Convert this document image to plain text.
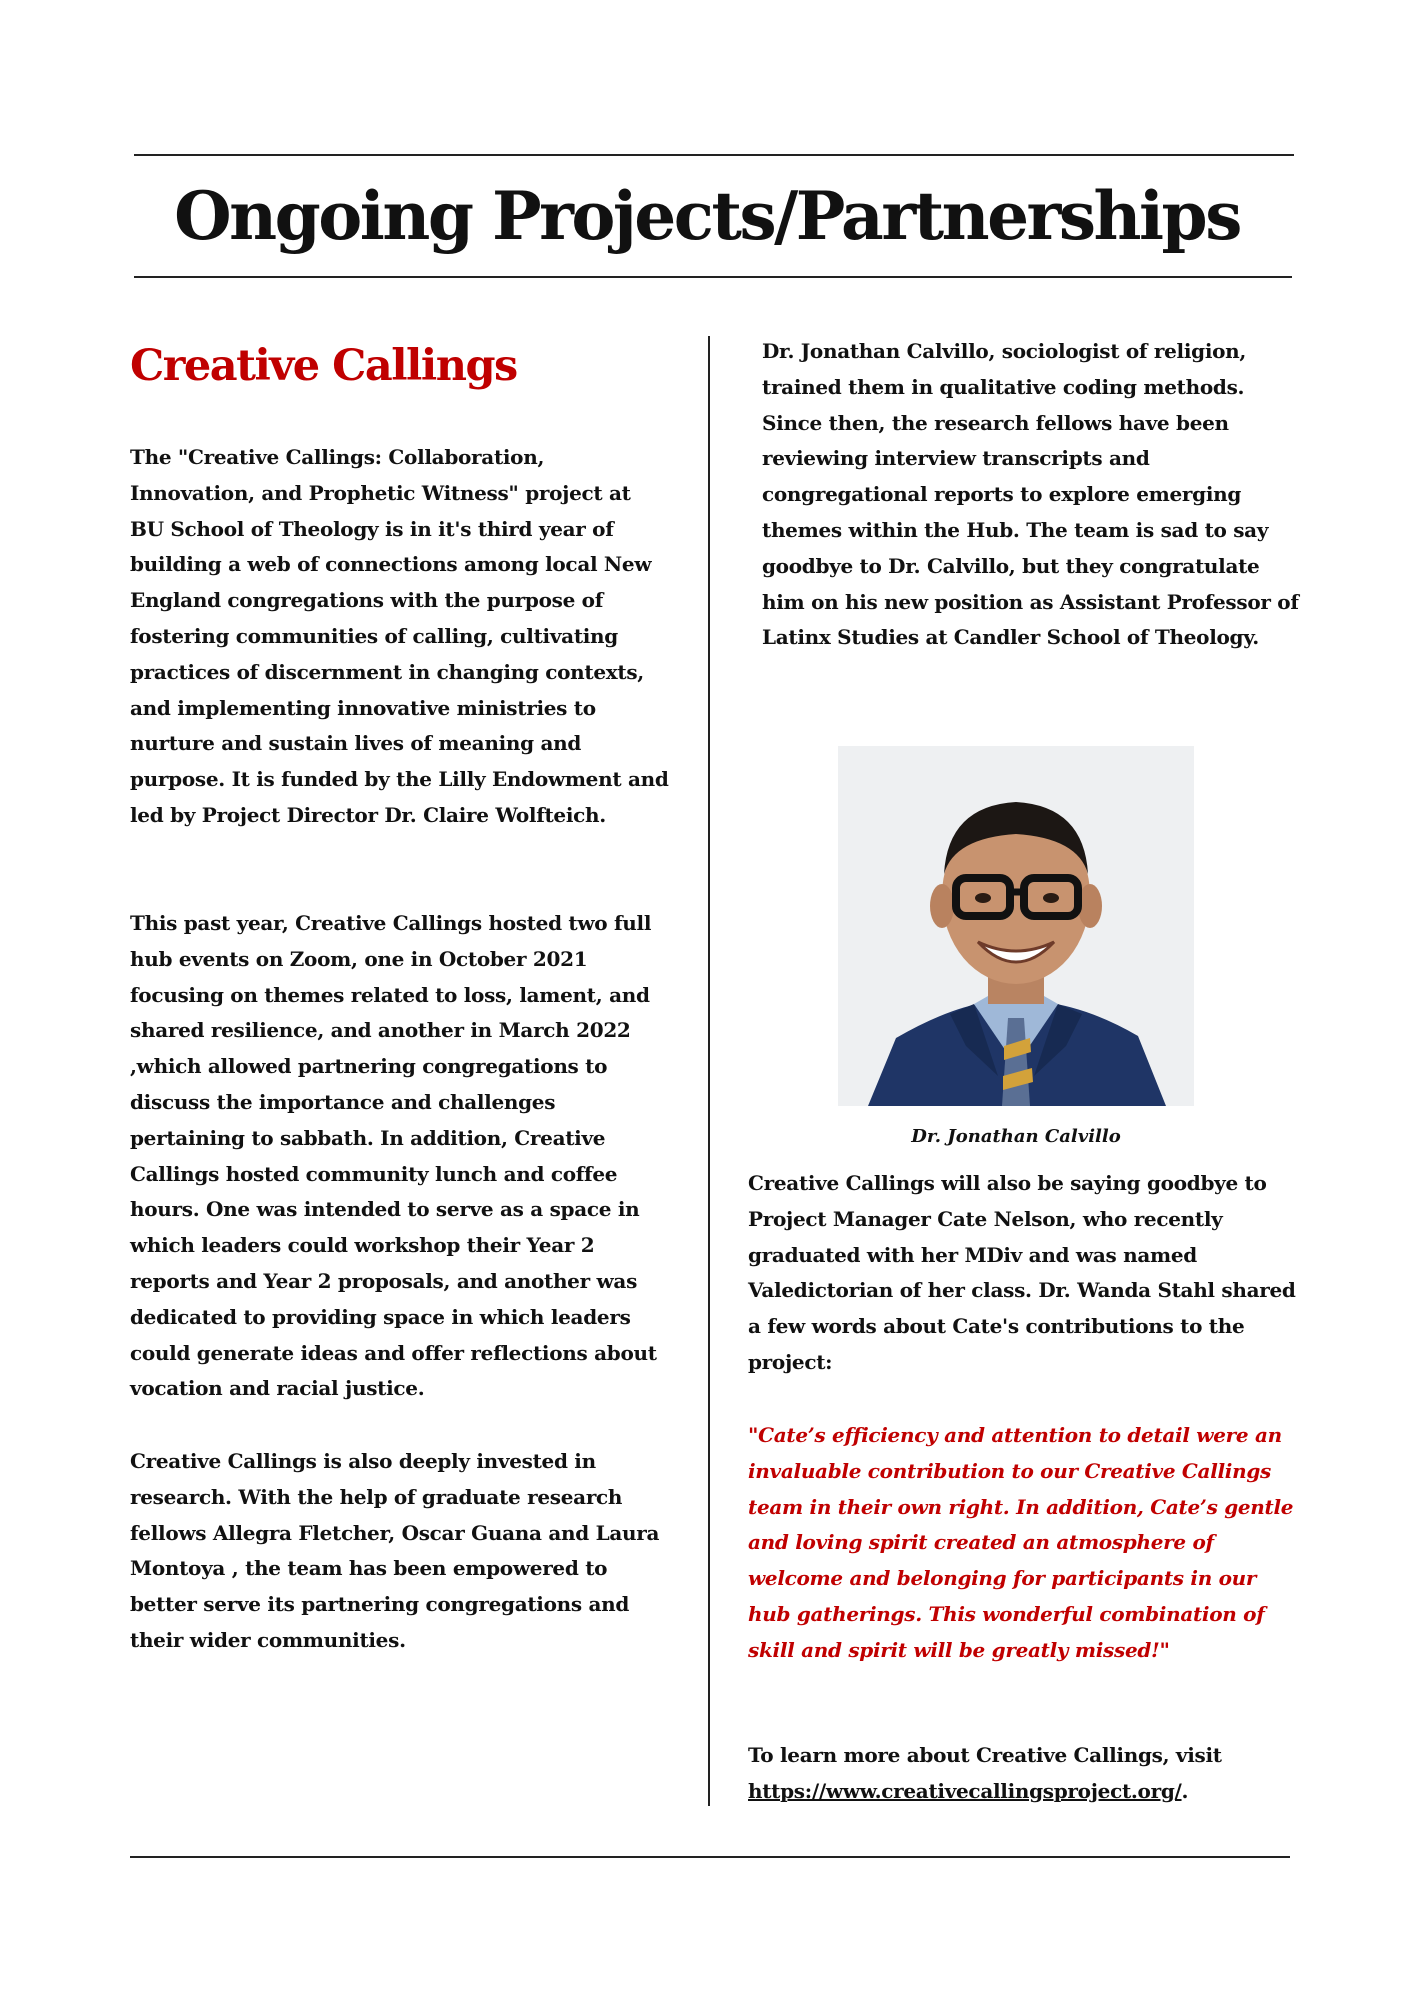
Ongoing Projects/Partnerships
Creative Callings

The "Creative Callings: Collaboration, Innovation, and Prophetic Witness" project at BU School of Theology is in it's third year of building a web of connections among local New England congregations with the purpose of fostering communities of calling, cultivating practices of discernment in changing contexts, and implementing innovative ministries to nurture and sustain lives of meaning and purpose. It is funded by the Lilly Endowment and led by Project Director Dr. Claire Wolfteich.

This past year, Creative Callings hosted two full hub events on Zoom, one in October 2021 focusing on themes related to loss, lament, and shared resilience, and another in March 2022 ,which allowed partnering congregations to discuss the importance and challenges pertaining to sabbath. In addition, Creative Callings hosted community lunch and coffee hours. One was intended to serve as a space in which leaders could workshop their Year 2 reports and Year 2 proposals, and another was dedicated to providing space in which leaders could generate ideas and offer reflections about vocation and racial justice.

Creative Callings is also deeply invested in research. With the help of graduate research fellows Allegra Fletcher, Oscar Guana and Laura Montoya , the team has been empowered to better serve its partnering congregations and their wider communities.

Dr. Jonathan Calvillo, sociologist of religion, trained them in qualitative coding methods. Since then, the research fellows have been reviewing interview transcripts and congregational reports to explore emerging themes within the Hub. The team is sad to say goodbye to Dr. Calvillo, but they congratulate him on his new position as Assistant Professor of Latinx Studies at Candler School of Theology.

Dr. Jonathan Calvillo

Creative Callings will also be saying goodbye to Project Manager Cate Nelson, who recently graduated with her MDiv and was named Valedictorian of her class. Dr. Wanda Stahl shared a few words about Cate's contributions to the project:

"Cate’s efficiency and attention to detail were an invaluable contribution to our Creative Callings team in their own right. In addition, Cate’s gentle and loving spirit created an atmosphere of welcome and belonging for participants in our hub gatherings. This wonderful combination of skill and spirit will be greatly missed!"

To learn more about Creative Callings, visit https://www.creativecallingsproject.org/.
